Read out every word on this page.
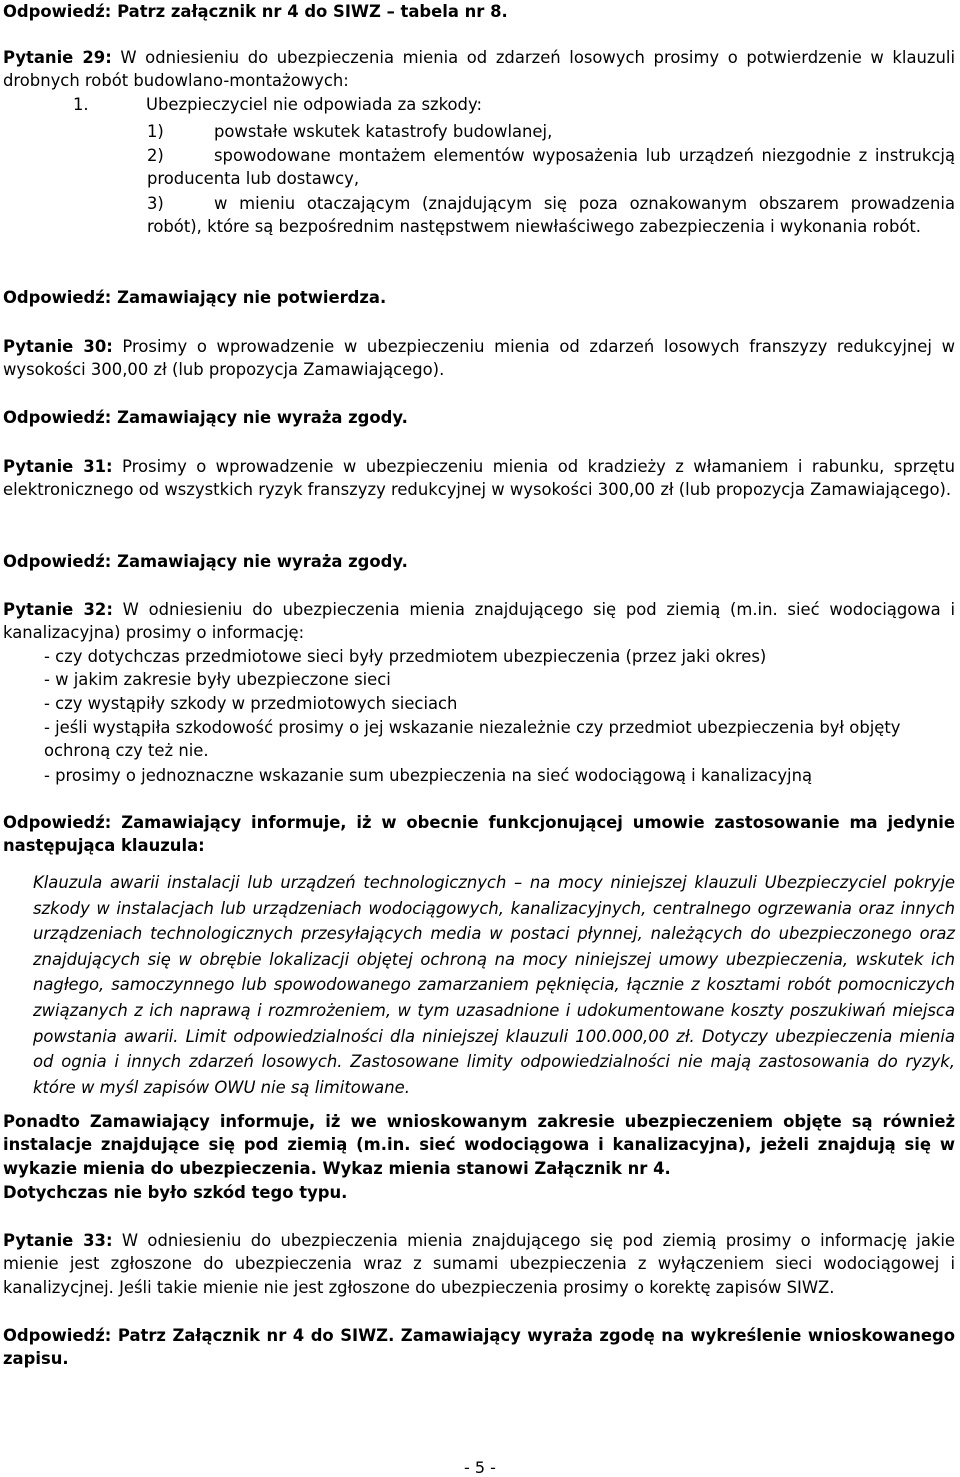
Odpowiedź: Patrz załącznik nr 4 do SIWZ – tabela nr 8.

Pytanie 29: W odniesieniu do ubezpieczenia mienia od zdarzeń losowych prosimy o potwierdzenie w klauzuli drobnych robót budowlano-montażowych:

1.	Ubezpieczyciel nie odpowiada za szkody:

1)	powstałe wskutek katastrofy budowlanej,

2)	spowodowane montażem elementów wyposażenia lub urządzeń niezgodnie z instrukcją producenta lub dostawcy,

3)	w mieniu otaczającym (znajdującym się poza oznakowanym obszarem prowadzenia robót), które są bezpośrednim następstwem niewłaściwego zabezpieczenia i wykonania robót.

Odpowiedź: Zamawiający nie potwierdza.

Pytanie 30: Prosimy o wprowadzenie w ubezpieczeniu mienia od zdarzeń losowych franszyzy redukcyjnej w wysokości 300,00 zł (lub propozycja Zamawiającego).

Odpowiedź: Zamawiający nie wyraża zgody.

Pytanie 31: Prosimy o wprowadzenie w ubezpieczeniu mienia od kradzieży z włamaniem i rabunku, sprzętu elektronicznego od wszystkich ryzyk franszyzy redukcyjnej w wysokości 300,00 zł (lub propozycja Zamawiającego).

Odpowiedź: Zamawiający nie wyraża zgody.

Pytanie 32: W odniesieniu do ubezpieczenia mienia znajdującego się pod ziemią (m.in. sieć wodociągowa i kanalizacyjna) prosimy o informację:

- czy dotychczas przedmiotowe sieci były przedmiotem ubezpieczenia (przez jaki okres)

- w jakim zakresie były ubezpieczone sieci

- czy wystąpiły szkody w przedmiotowych sieciach

- jeśli wystąpiła szkodowość prosimy o jej wskazanie niezależnie czy przedmiot ubezpieczenia był objęty ochroną czy też nie.

- prosimy o jednoznaczne wskazanie sum ubezpieczenia na sieć wodociągową i kanalizacyjną

Odpowiedź: Zamawiający informuje, iż w obecnie funkcjonującej umowie zastosowanie ma jedynie następująca klauzula:

Klauzula awarii instalacji lub urządzeń technologicznych – na mocy niniejszej klauzuli Ubezpieczyciel pokryje szkody w instalacjach lub urządzeniach wodociągowych, kanalizacyjnych, centralnego ogrzewania oraz innych urządzeniach technologicznych przesyłających media w postaci płynnej, należących do ubezpieczonego oraz znajdujących się w obrębie lokalizacji objętej ochroną na mocy niniejszej umowy ubezpieczenia, wskutek ich nagłego, samoczynnego lub spowodowanego zamarzaniem pęknięcia, łącznie z kosztami robót pomocniczych związanych z ich naprawą i rozmrożeniem, w tym uzasadnione i udokumentowane koszty poszukiwań miejsca powstania awarii. Limit odpowiedzialności dla niniejszej klauzuli 100.000,00 zł. Dotyczy ubezpieczenia mienia od ognia i innych zdarzeń losowych. Zastosowane limity odpowiedzialności nie mają zastosowania do ryzyk, które w myśl zapisów OWU nie są limitowane.

Ponadto Zamawiający informuje, iż we wnioskowanym zakresie ubezpieczeniem objęte są również instalacje znajdujące się pod ziemią (m.in. sieć wodociągowa i kanalizacyjna), jeżeli znajdują się w wykazie mienia do ubezpieczenia. Wykaz mienia stanowi Załącznik nr 4.

Dotychczas nie było szkód tego typu.

Pytanie 33: W odniesieniu do ubezpieczenia mienia znajdującego się pod ziemią prosimy o informację jakie mienie jest zgłoszone do ubezpieczenia wraz z sumami ubezpieczenia z wyłączeniem sieci wodociągowej i kanalizycjnej. Jeśli takie mienie nie jest zgłoszone do ubezpieczenia prosimy o korektę zapisów SIWZ.

Odpowiedź: Patrz Załącznik nr 4 do SIWZ. Zamawiający wyraża zgodę na wykreślenie wnioskowanego zapisu.

- 5 -
